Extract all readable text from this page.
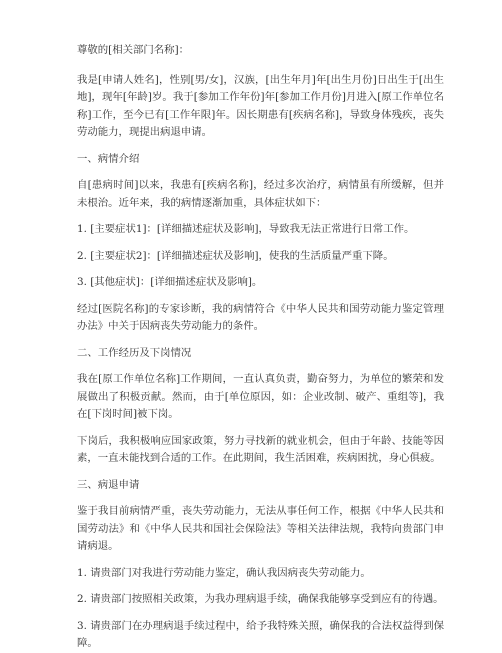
尊敬的[相关部门名称]：

我是[申请人姓名]，性别[男/女]，汉族，[出生年月]年[出生月份]日出生于[出生地]，现年[年龄]岁。我于[参加工作年份]年[参加工作月份]月进入[原工作单位名称]工作，至今已有[工作年限]年。因长期患有[疾病名称]，导致身体残疾，丧失劳动能力，现提出病退申请。

一、病情介绍

自[患病时间]以来，我患有[疾病名称]，经过多次治疗，病情虽有所缓解，但并未根治。近年来，我的病情逐渐加重，具体症状如下：

1. [主要症状1]：[详细描述症状及影响]，导致我无法正常进行日常工作。

2. [主要症状2]：[详细描述症状及影响]，使我的生活质量严重下降。

3. [其他症状]：[详细描述症状及影响]。

经过[医院名称]的专家诊断，我的病情符合《中华人民共和国劳动能力鉴定管理办法》中关于因病丧失劳动能力的条件。

二、工作经历及下岗情况

我在[原工作单位名称]工作期间，一直认真负责，勤奋努力，为单位的繁荣和发展做出了积极贡献。然而，由于[单位原因，如：企业改制、破产、重组等]，我在[下岗时间]被下岗。

下岗后，我积极响应国家政策，努力寻找新的就业机会，但由于年龄、技能等因素，一直未能找到合适的工作。在此期间，我生活困难，疾病困扰，身心俱疲。

三、病退申请

鉴于我目前病情严重，丧失劳动能力，无法从事任何工作，根据《中华人民共和国劳动法》和《中华人民共和国社会保险法》等相关法律法规，我特向贵部门申请病退。

1. 请贵部门对我进行劳动能力鉴定，确认我因病丧失劳动能力。

2. 请贵部门按照相关政策，为我办理病退手续，确保我能够享受到应有的待遇。

3. 请贵部门在办理病退手续过程中，给予我特殊关照，确保我的合法权益得到保障。
